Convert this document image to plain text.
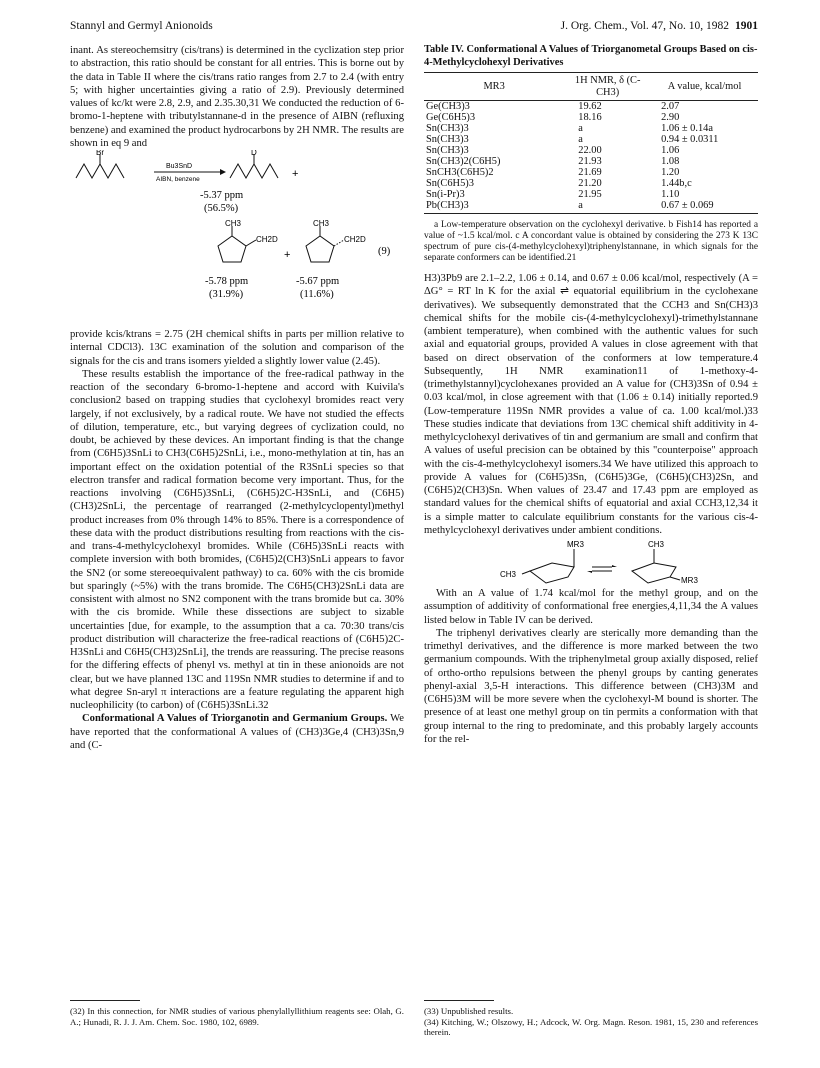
Stannyl and Germyl Anionoids	J. Org. Chem., Vol. 47, No. 10, 1982 1901

inant. As stereochemsitry (cis/trans) is determined in the cyclization step prior to abstraction, this ratio should be constant for all entries. This is borne out by the data in Table II where the cis/trans ratio ranges from 2.7 to 2.4 (with entry 5; with higher uncertainties giving a ratio of 2.9). Previously determined values of kc/kt were 2.8, 2.9, and 2.35.30,31 We conducted the reduction of 6-bromo-1-heptene with tributylstannane-d in the presence of AIBN (refluxing benzene) and examined the product hydrocarbons by 2H NMR. The results are shown in eq 9 and

Br
Bu3SnD
AIBN, benzene
D
+
-5.37 ppm
(56.5%)
CH3
CH2D
+
CH3
CH2D
(9)
-5.78 ppm
(31.9%)
-5.67 ppm
(11.6%)

provide kcis/ktrans = 2.75 (2H chemical shifts in parts per million relative to internal CDCl3). 13C examination of the solution and comparison of the signals for the cis and trans isomers yielded a slightly lower value (2.45).

These results establish the importance of the free-radical pathway in the reaction of the secondary 6-bromo-1-heptene and accord with Kuivila's conclusion2 based on trapping studies that cyclohexyl bromides react very largely, if not exclusively, by a radical route. We have not studied the effects of dilution, temperature, etc., but varying degrees of cyclization could, no doubt, be achieved by these devices. An important finding is that the change from (C6H5)3SnLi to CH3(C6H5)2SnLi, i.e., mono-methylation at tin, has an important effect on the oxidation potential of the R3SnLi species so that electron transfer and radical formation become very important. Thus, for the reactions involving (C6H5)3SnLi, (C6H5)2C-H3SnLi, and (C6H5)(CH3)2SnLi, the percentage of rearranged (2-methylcyclopentyl)methyl product increases from 0% through 14% to 85%. There is a correspondence of these data with the product distributions resulting from reactions with the cis- and trans-4-methylcyclohexyl bromides. While (C6H5)3SnLi reacts with complete inversion with both bromides, (C6H5)2(CH3)SnLi appears to favor the SN2 (or some stereoequivalent pathway) to ca. 60% with the cis bromide but sparingly (~5%) with the trans bromide. The C6H5(CH3)2SnLi data are consistent with almost no SN2 component with the trans bromide but ca. 30% with the cis bromide. While these dissections are subject to sizable uncertainties [due, for example, to the assumption that a ca. 70:30 trans/cis product distribution will characterize the free-radical reactions of (C6H5)2C-H3SnLi and C6H5(CH3)2SnLi], the trends are reassuring. The precise reasons for the differing effects of phenyl vs. methyl at tin in these anionoids are not clear, but we have planned 13C and 119Sn NMR studies to determine if and to what degree Sn-aryl π interactions are a feature regulating the apparent high nucleophilicity (to carbon) of (C6H5)3SnLi.32

Conformational A Values of Triorganotin and Germanium Groups. We have reported that the conformational A values of (CH3)3Ge,4 (CH3)3Sn,9 and (C-

Table IV. Conformational A Values of Triorganometal Groups Based on cis-4-Methylcyclohexyl Derivatives
MR3	1H NMR, δ (C-CH3)	A value, kcal/mol
Ge(CH3)3	19.62	2.07
Ge(C6H5)3	18.16	2.90
Sn(CH3)3	a	1.06 ± 0.14a
Sn(CH3)3	a	0.94 ± 0.0311
Sn(CH3)3	22.00	1.06
Sn(CH3)2(C6H5)	21.93	1.08
SnCH3(C6H5)2	21.69	1.20
Sn(C6H5)3	21.20	1.44b,c
Sn(i-Pr)3	21.95	1.10
Pb(CH3)3	a	0.67 ± 0.069

a Low-temperature observation on the cyclohexyl derivative. b Fish14 has reported a value of ~1.5 kcal/mol. c A concordant value is obtained by considering the 273 K 13C spectrum of pure cis-(4-methylcyclohexyl)triphenylstannane, in which signals for the separate conformers can be identified.21

H3)3Pb9 are 2.1–2.2, 1.06 ± 0.14, and 0.67 ± 0.06 kcal/mol, respectively (A = ΔG° = RT ln K for the axial ⇌ equatorial equilibrium in the cyclohexane derivatives). We subsequently demonstrated that the CCH3 and Sn(CH3)3 chemical shifts for the mobile cis-(4-methylcyclohexyl)-trimethylstannane (ambient temperature), when combined with the authentic values for such axial and equatorial groups, provided A values in close agreement with that based on direct observation of the conformers at low temperature.4 Subsequently, 1H NMR examination11 of 1-methoxy-4-(trimethylstannyl)cyclohexanes provided an A value for (CH3)3Sn of 0.94 ± 0.03 kcal/mol, in close agreement with that (1.06 ± 0.14) initially reported.9 (Low-temperature 119Sn NMR provides a value of ca. 1.00 kcal/mol.)33 These studies indicate that deviations from 13C chemical shift additivity in 4-methylcyclohexyl derivatives of tin and germanium are small and confirm that A values of useful precision can be obtained by this "counterpoise" approach with the cis-4-methylcyclohexyl isomers.34 We have utilized this approach to provide A values for (C6H5)3Sn, (C6H5)3Ge, (C6H5)(CH3)2Sn, and (C6H5)2(CH3)Sn. When values of 23.47 and 17.43 ppm are employed as standard values for the chemical shifts of equatorial and axial CCH3,12,34 it is a simple matter to calculate equilibrium constants for the various cis-4-methylcyclohexyl derivatives under ambient conditions.

MR3
CH3
CH3
MR3

With an A value of 1.74 kcal/mol for the methyl group, and on the assumption of additivity of conformational free energies,4,11,34 the A values listed below in Table IV can be derived.

The triphenyl derivatives clearly are sterically more demanding than the trimethyl derivatives, and the difference is more marked between the two germanium compounds. With the triphenylmetal group axially disposed, relief of ortho-ortho repulsions between the phenyl groups by canting generates phenyl-axial 3,5-H interactions. This difference between (CH3)3M and (C6H5)3M will be more severe when the cyclohexyl-M bound is shorter. The presence of at least one methyl group on tin permits a conformation with that group internal to the ring to predominate, and this probably largely accounts for the rel-

(32) In this connection, for NMR studies of various phenylallyllithium reagents see: Olah, G. A.; Hunadi, R. J. J. Am. Chem. Soc. 1980, 102, 6989.
(33) Unpublished results.
(34) Kitching, W.; Olszowy, H.; Adcock, W. Org. Magn. Reson. 1981, 15, 230 and references therein.
